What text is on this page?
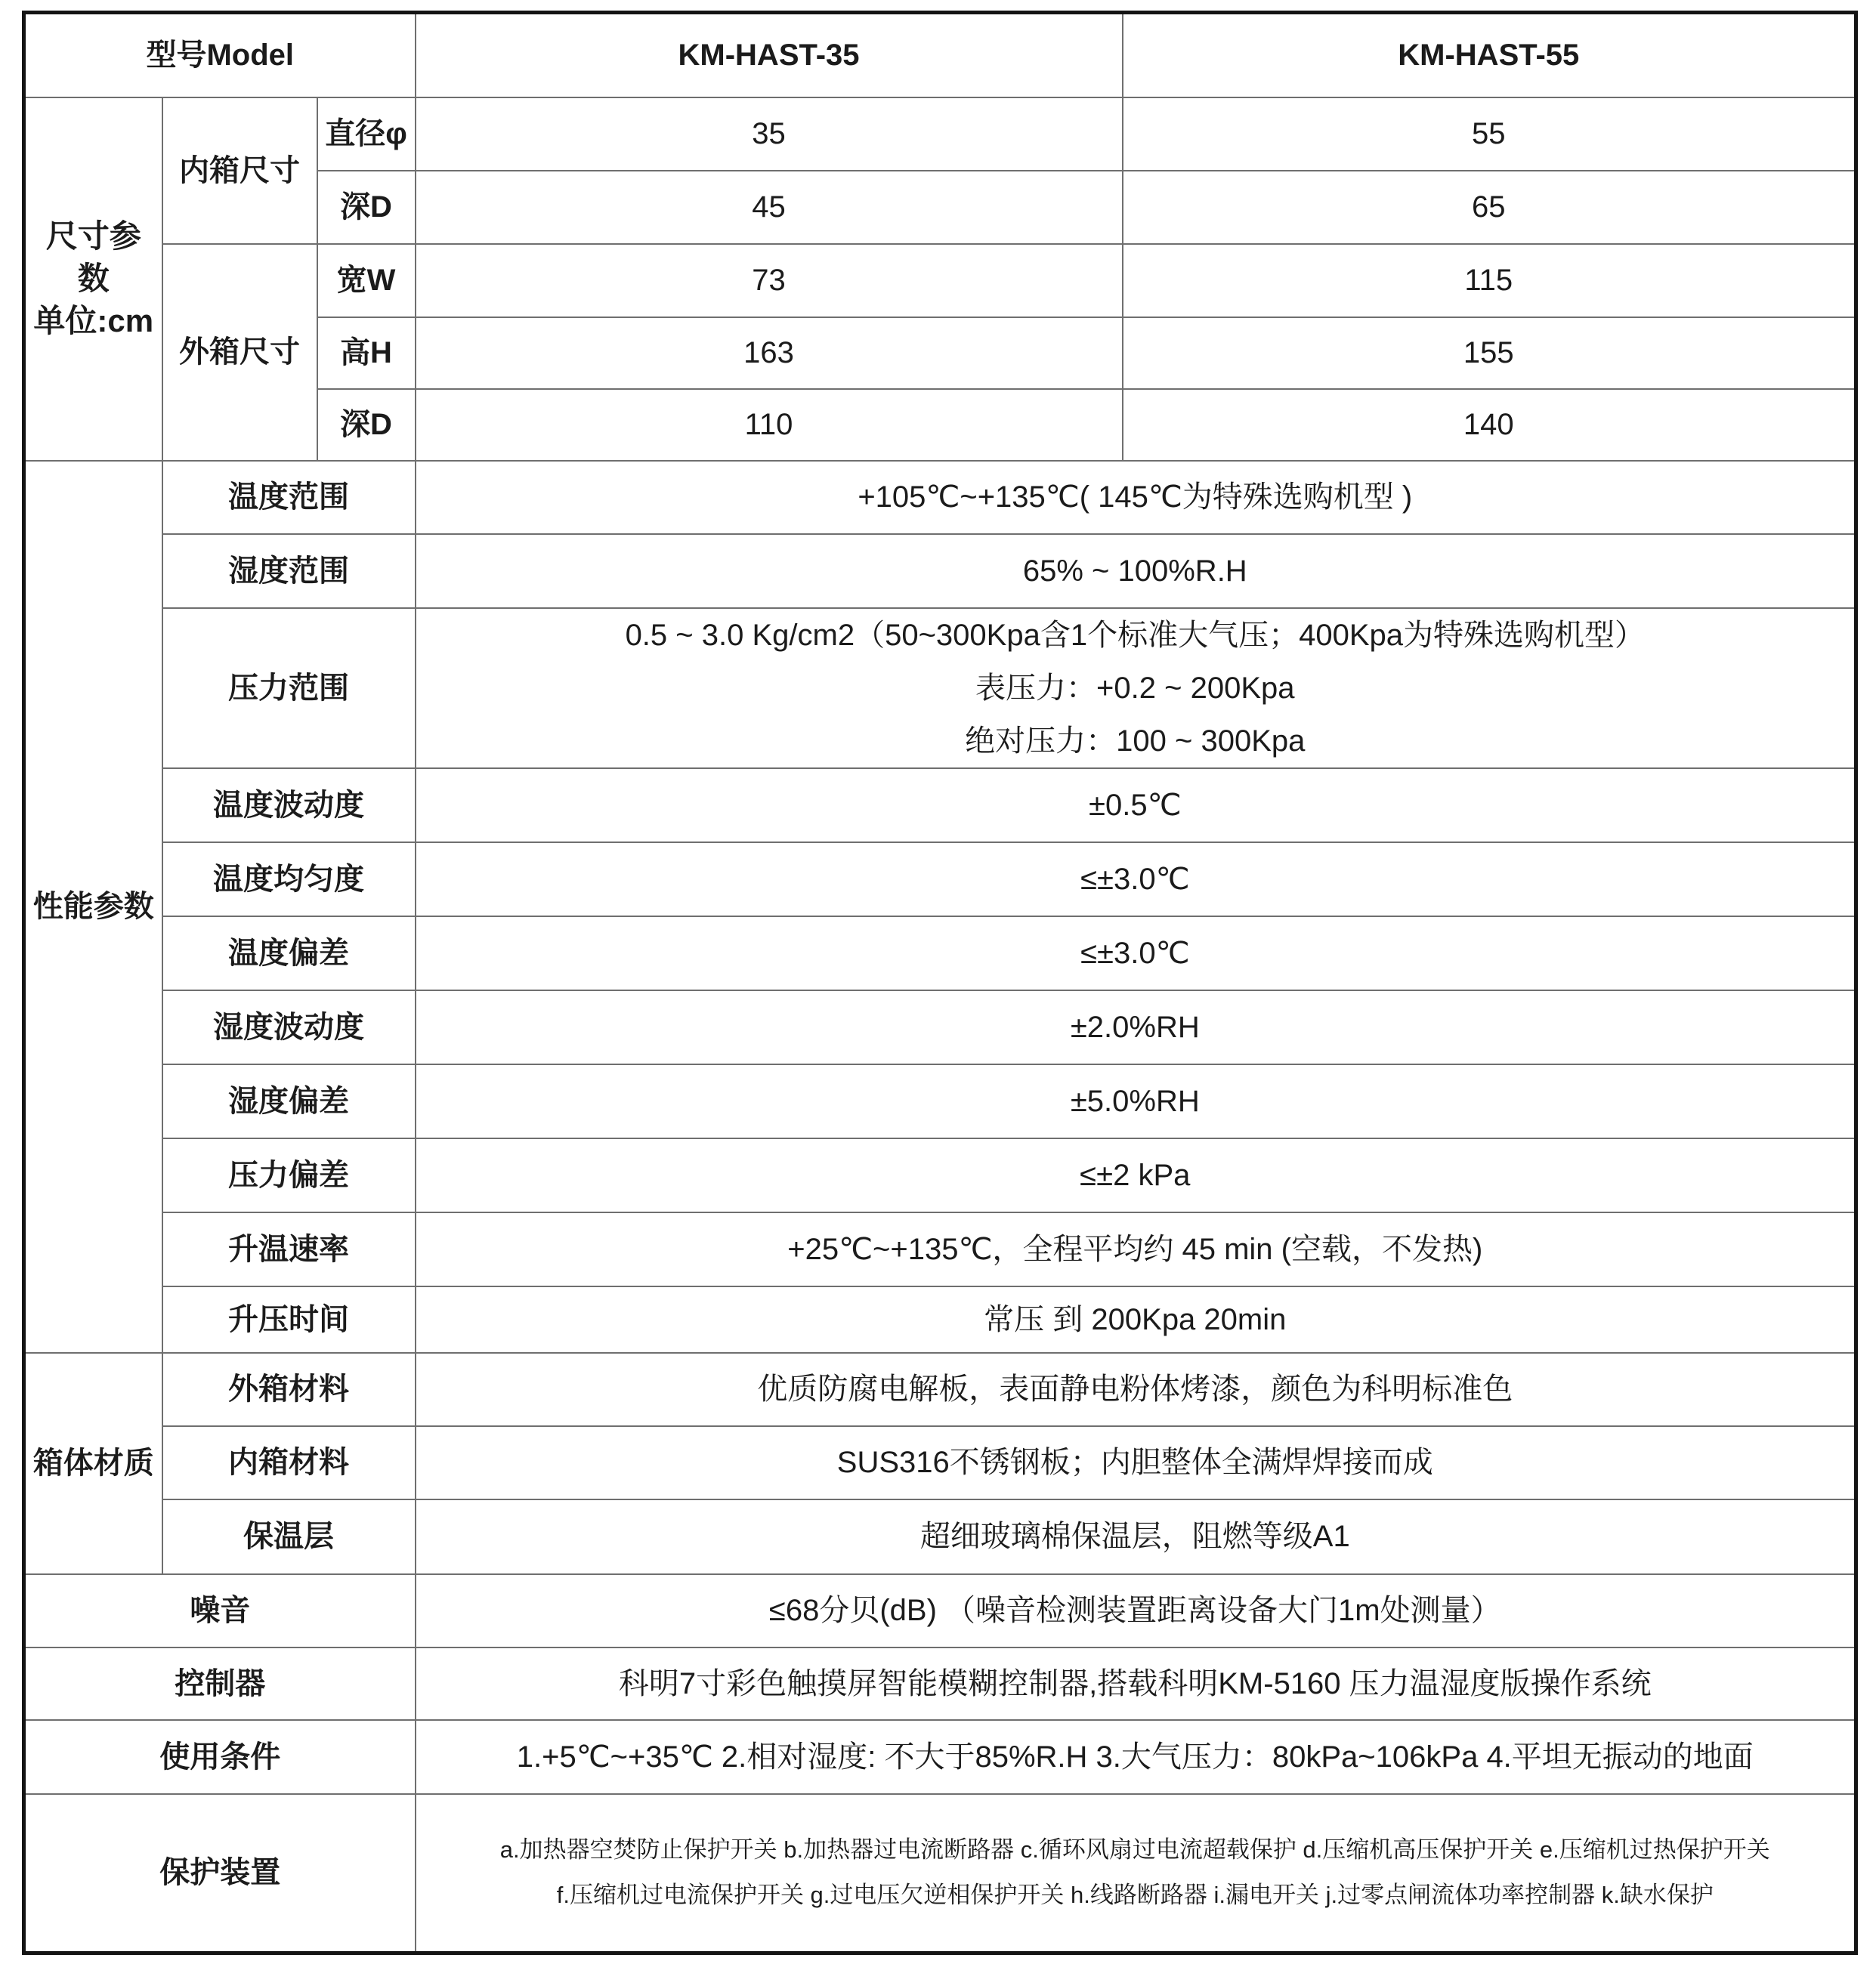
型号Model			KM-HAST-35	KM-HAST-55

尺寸参数
单位:cm	内箱尺寸	直径φ	35	55
		深D	45	65
	外箱尺寸	宽W	73	115
		高H	163	155
		深D	110	140
性能参数	温度范围		+105℃~+135℃( 145℃为特殊选购机型 )	
	湿度范围		65% ~ 100%R.H	
	压力范围		0.5 ~ 3.0 Kg/cm2（50~300Kpa含1个标准大气压；400Kpa为特殊选购机型）
表压力：+0.2 ~ 200Kpa
绝对压力：100 ~ 300Kpa	

	温度波动度		±0.5℃	
	温度均匀度		≤±3.0℃	
	温度偏差		≤±3.0℃	
	湿度波动度		±2.0%RH	
	湿度偏差		±5.0%RH	
	压力偏差		≤±2 kPa	
	升温速率		+25℃~+135℃，全程平均约 45 min (空载，不发热)	
	升压时间		常压 到 200Kpa 20min	
箱体材质	外箱材料		优质防腐电解板，表面静电粉体烤漆，颜色为科明标准色	
	内箱材料		SUS316不锈钢板；内胆整体全满焊焊接而成	
	保温层		超细玻璃棉保温层，阻燃等级A1	
噪音			≤68分贝(dB) （噪音检测装置距离设备大门1m处测量）	
控制器			科明7寸彩色触摸屏智能模糊控制器,搭载科明KM-5160 压力温湿度版操作系统	
使用条件			1.+5℃~+35℃ 2.相对湿度: 不大于85%R.H 3.大气压力：80kPa~106kPa 4.平坦无振动的地面	
保护装置			a.加热器空焚防止保护开关 b.加热器过电流断路器 c.循环风扇过电流超载保护 d.压缩机高压保护开关 e.压缩机过热保护开关
f.压缩机过电流保护开关 g.过电压欠逆相保护开关 h.线路断路器 i.漏电开关 j.过零点闸流体功率控制器 k.缺水保护	
